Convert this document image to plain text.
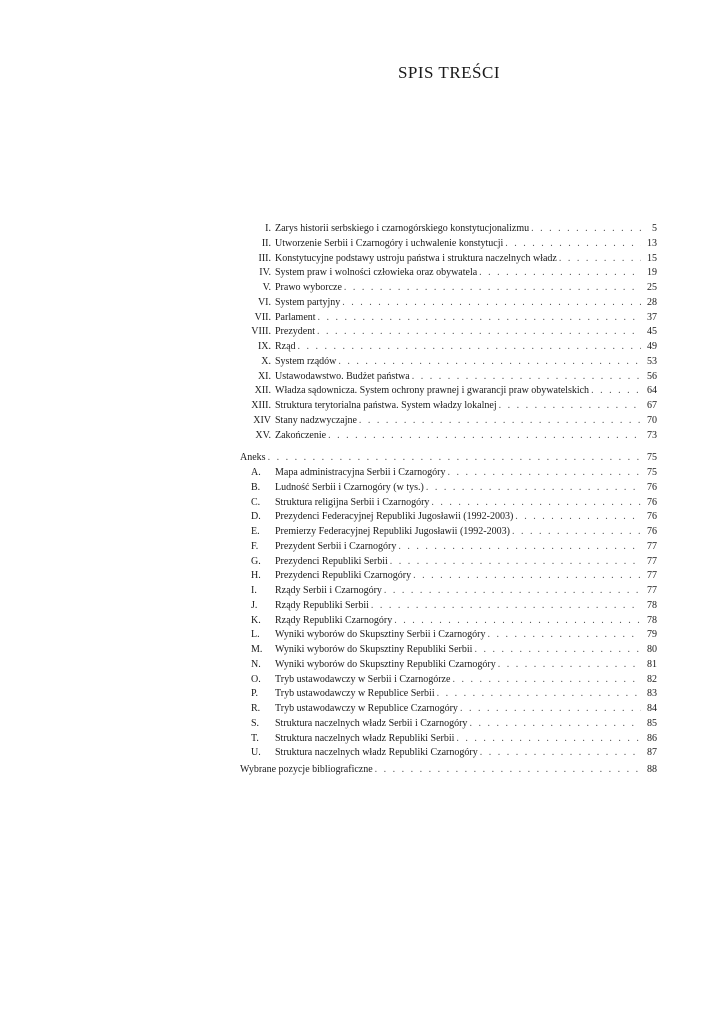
SPIS TREŚCI
I. Zarys historii serbskiego i czarnogórskiego konstytucjonalizmu . . .	5
II. Utworzenie Serbii i Czarnogóry i uchwalenie konstytucji . . .	13
III. Konstytucyjne podstawy ustroju państwa i struktura naczelnych władz . . .	15
IV. System praw i wolności człowieka oraz obywatela . . .	19
V. Prawo wyborcze . . .	25
VI. System partyjny . . .	28
VII. Parlament . . .	37
VIII. Prezydent . . .	45
IX. Rząd . . .	49
X. System rządów . . .	53
XI. Ustawodawstwo. Budżet państwa . . .	56
XII. Władza sądownicza. System ochrony prawnej i gwarancji praw obywatelskich . . .	64
XIII. Struktura terytorialna państwa. System władzy lokalnej . . .	67
XIV Stany nadzwyczajne . . .	70
XV. Zakończenie . . .	73
Aneks . . .	75
A.	Mapa administracyjna Serbii i Czarnogóry . . .	75
B.	Ludność Serbii i Czarnogóry (w tys.) . . .	76
C.	Struktura religijna Serbii i Czarnogóry . . .	76
D.	Prezydenci Federacyjnej Republiki Jugosławii (1992-2003) . . .	76
E.	Premierzy Federacyjnej Republiki Jugosławii (1992-2003) . . .	76
F.	Prezydent Serbii i Czarnogóry . . .	77
G.	Prezydenci Republiki Serbii . . .	77
H.	Prezydenci Republiki Czarnogóry . . .	77
I.	Rządy Serbii i Czarnogóry . . .	77
J.	Rządy Republiki Serbii . . .	78
K.	Rządy Republiki Czarnogóry . . .	78
L.	Wyniki wyborów do Skupsztiny Serbii i Czarnogóry . . .	79
M.	Wyniki wyborów do Skupsztiny Republiki Serbii . . .	80
N.	Wyniki wyborów do Skupsztiny Republiki Czarnogóry . . .	81
O.	Tryb ustawodawczy w Serbii i Czarnogórze . . .	82
P.	Tryb ustawodawczy w Republice Serbii . . .	83
R.	Tryb ustawodawczy w Republice Czarnogóry . . .	84
S.	Struktura naczelnych władz Serbii i Czarnogóry . . .	85
T.	Struktura naczelnych władz Republiki Serbii . . .	86
U.	Struktura naczelnych władz Republiki Czarnogóry . . .	87
Wybrane pozycje bibliograficzne . . .	88
